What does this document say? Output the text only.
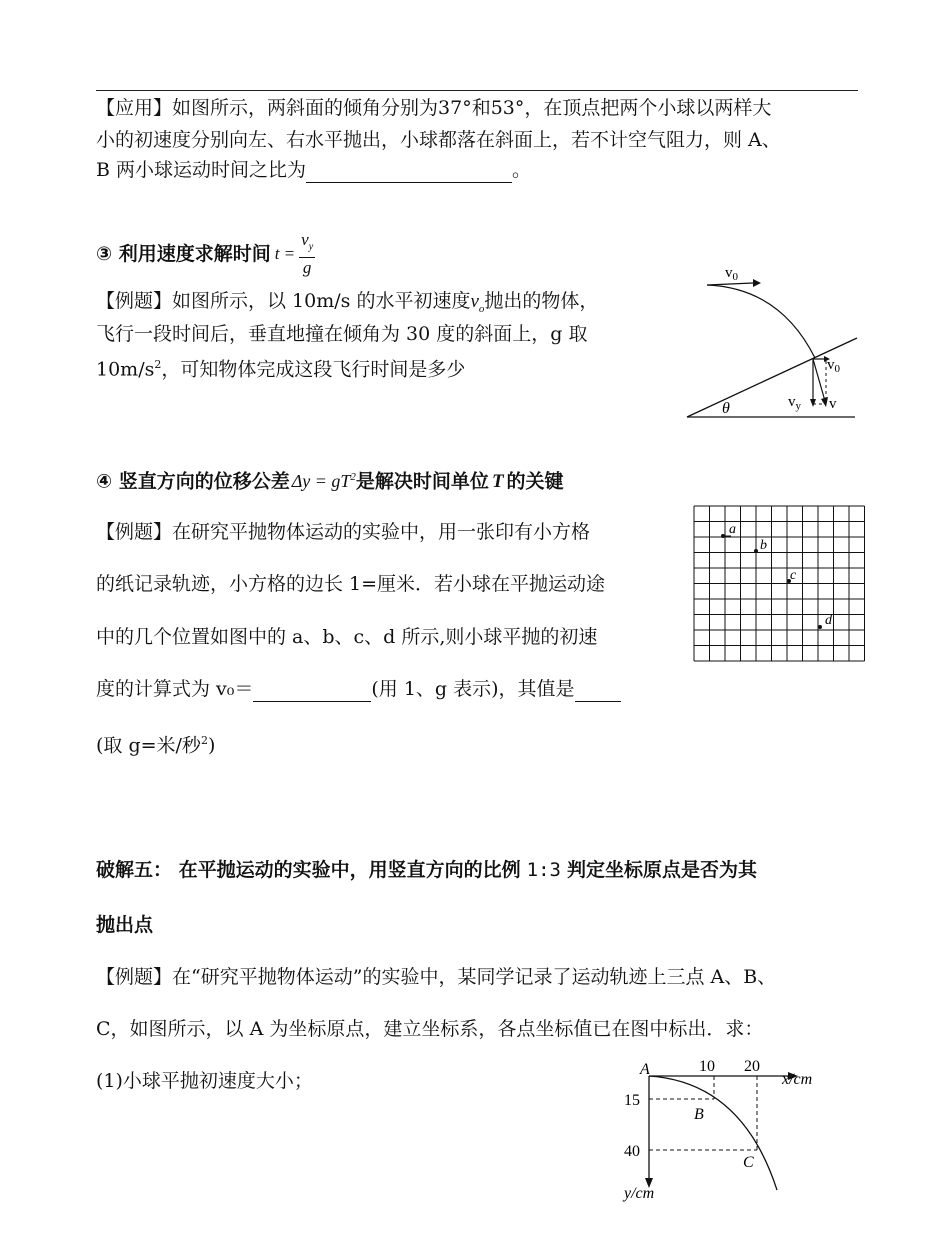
【应用】如图所示，两斜面的倾角分别为37°和53°，在顶点把两个小球以两样大
小的初速度分别向左、右水平抛出，小球都落在斜面上，若不计空气阻力，则 A、
B 两小球运动时间之比为	。
③ 利用速度求解时间 $t = \frac{v_y}{g}$
【例题】如图所示，以 10m/s 的水平初速度$v_o$抛出的物体，
飞行一段时间后，垂直地撞在倾角为 30 度的斜面上，g 取
$10m/s^2$，可知物体完成这段飞行时间是多少
$v_0$
$v_0$
$v_y$ v
θ
④ 竖直方向的位移公差 $\Delta y = gT^2$是解决时间单位 T 的关键
【例题】在研究平抛物体运动的实验中，用一张印有小方格
的纸记录轨迹，小方格的边长 1=厘米．若小球在平抛运动途
中的几个位置如图中的 a、b、c、d 所示,则小球平抛的初速
度的计算式为 v₀＝	(用 1、g 表示)，其值是
(取 g=米/秒$^2$)
a
b
c
d
破解五： 在平抛运动的实验中，用竖直方向的比例 1:3 判定坐标原点是否为其
抛出点
【例题】在“研究平抛物体运动”的实验中，某同学记录了运动轨迹上三点 A、B、
C，如图所示，以 A 为坐标原点，建立坐标系，各点坐标值已在图中标出．求：
(1)小球平抛初速度大小；
A	10 20
x/cm
15
40
y/cm
B
C
